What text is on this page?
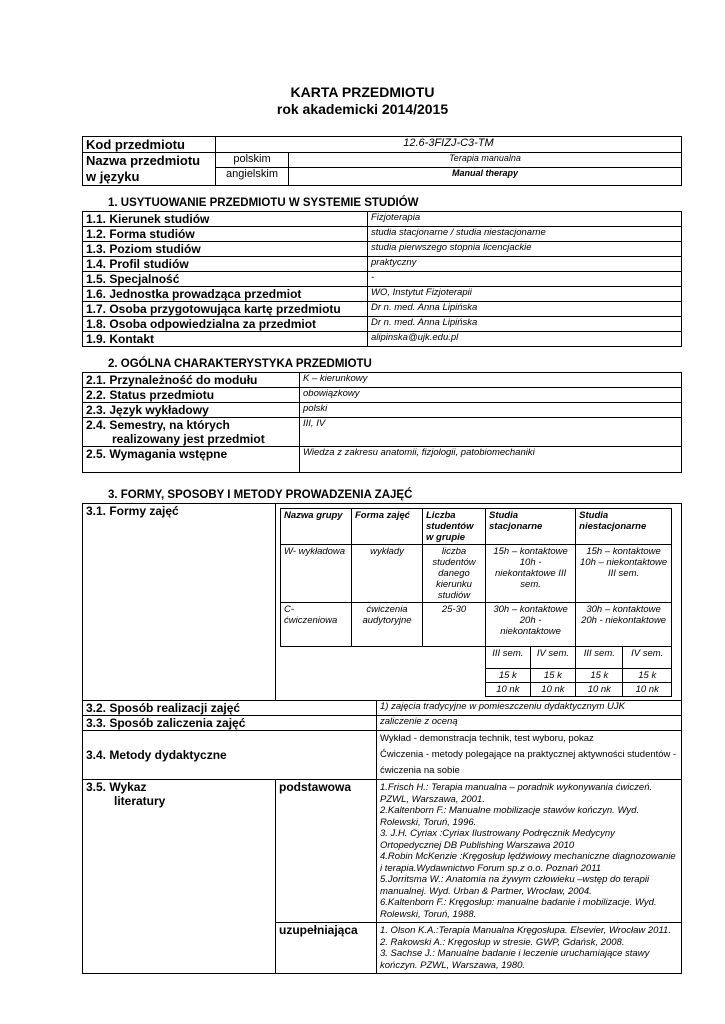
KARTA PRZEDMIOTU
rok akademicki 2014/2015
Kod przedmiotu	12.6-3FIZJ-C3-TM	

Nazwa przedmiotu
w języku	polskim	Terapia manualna
	angielskim	Manual therapy
1. USYTUOWANIE PRZEDMIOTU W SYSTEMIE STUDIÓW
1.1. Kierunek studiów	Fizjoterapia
1.2. Forma studiów	studia stacjonarne / studia niestacjonarne
1.3. Poziom studiów	studia pierwszego stopnia licencjackie
1.4. Profil studiów	praktyczny
1.5. Specjalność	-
1.6. Jednostka prowadząca przedmiot	WO, Instytut Fizjoterapii
1.7. Osoba przygotowująca kartę przedmiotu	Dr n. med. Anna Lipińska
1.8. Osoba odpowiedzialna za przedmiot	Dr n. med. Anna Lipińska
1.9. Kontakt	alipinska@ujk.edu.pl
2. OGÓLNA CHARAKTERYSTYKA PRZEDMIOTU
2.1. Przynależność do modułu	K – kierunkowy
2.2. Status przedmiotu	obowiązkowy
2.3. Język wykładowy	polski

2.4. Semestry, na których
realizowany jest przedmiot	III, IV
2.5. Wymagania wstępne	Wiedza z zakresu anatomii, fizjologii, patobiomechaniki
3. FORMY, SPOSOBY I METODY PROWADZENIA ZAJĘĆ
3.1. Formy zajęć		Nazwa grupy	Forma zajęć	Liczba studentów w grupie	Studia stacjonarne	Studia niestacjonarne
W- wykładowa	wykłady	liczba studentów danego kierunku studiów	15h – kontaktowe 10h - niekontaktowe III sem.	15h – kontaktowe 10h – niekontaktowe III sem.
C- ćwiczeniowa	ćwiczenia audytoryjne	25-30	30h – kontaktowe 20h - niekontaktowe	30h – kontaktowe 20h - niekontaktowe
	III sem.	IV sem.	III sem.	IV sem.
15 k	15 k	15 k	15 k
10 nk	10 nk	10 nk	10 nk

3.2. Sposób realizacji zajęć	1) zajęcia tradycyjne w pomieszczeniu dydaktycznym UJK
3.3. Sposób zaliczenia zajęć	zaliczenie z oceną
3.4. Metody dydaktyczne	
Wykład - demonstracja technik, test wyboru, pokaz
Ćwiczenia - metody polegające na praktycznej aktywności studentów - ćwiczenia na sobie

3.5. Wykaz
literatury
	podstawowa	1.Frisch H.: Terapia manualna – poradnik wykonywania ćwiczeń. PZWL, Warszawa, 2001.
2.Kaltenborn F.: Manualne mobilizacje stawów kończyn. Wyd. Rolewski, Toruń, 1996.
3. J.H. Cyriax :Cyriax Ilustrowany Podręcznik Medycyny Ortopedycznej DB Publishing Warszawa 2010
4.Robin McKenzie :Kręgosłup lędźwiowy mechaniczne diagnozowanie i terapia.Wydawnictwo Forum sp.z o.o. Poznań 2011
5.Jorritsma W.: Anatomia na żywym człowieku –wstęp do terapii manualnej. Wyd. Urban & Partner, Wrocław, 2004.
6.Kaltenborn F.: Kręgosłup: manualne badanie i mobilizacje. Wyd. Rolewski, Toruń, 1988.

uzupełniająca	1. Olson K.A.:Terapia Manualna Kręgosłupa. Elsevier, Wrocław 2011.
2. Rakowski A.: Kręgosłup w stresie. GWP, Gdańsk, 2008.
3. Sachse J.: Manualne badanie i leczenie uruchamiające stawy kończyn. PZWL, Warszawa, 1980.
